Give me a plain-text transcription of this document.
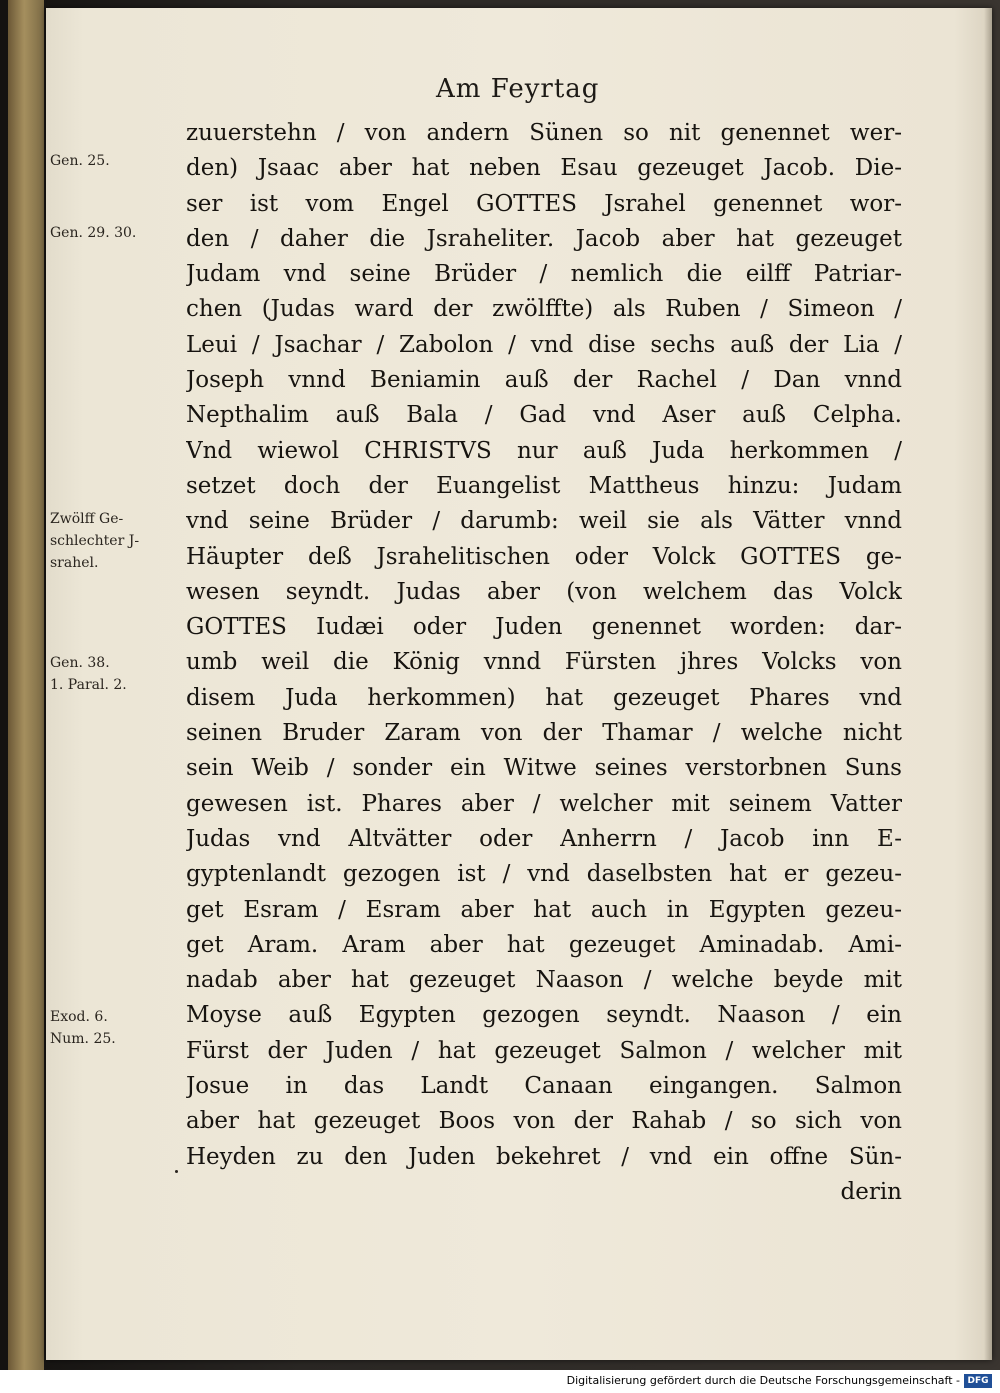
Am Feyrtag
zuuerstehn / von andern Sünen so nit genennet wer-
den) Jsaac aber hat neben Esau gezeuget Jacob. Die-
ser ist vom Engel GOTTES Jsrahel genennet wor-
den / daher die Jsraheliter. Jacob aber hat gezeuget
Judam vnd seine Brüder / nemlich die eilff Patriar-
chen (Judas ward der zwölffte) als Ruben / Simeon /
Leui / Jsachar / Zabolon / vnd dise sechs auß der Lia /
Joseph vnnd Beniamin auß der Rachel / Dan vnnd
Nepthalim auß Bala / Gad vnd Aser auß Celpha.
Vnd wiewol CHRISTVS nur auß Juda herkommen /
setzet doch der Euangelist Mattheus hinzu: Judam
vnd seine Brüder / darumb: weil sie als Vätter vnnd
Häupter deß Jsrahelitischen oder Volck GOTTES ge-
wesen seyndt. Judas aber (von welchem das Volck
GOTTES Iudæi oder Juden genennet worden: dar-
umb weil die König vnnd Fürsten jhres Volcks von
disem Juda herkommen) hat gezeuget Phares vnd
seinen Bruder Zaram von der Thamar / welche nicht
sein Weib / sonder ein Witwe seines verstorbnen Suns
gewesen ist. Phares aber / welcher mit seinem Vatter
Judas vnd Altvätter oder Anherrn / Jacob inn E-
gyptenlandt gezogen ist / vnd daselbsten hat er gezeu-
get Esram / Esram aber hat auch in Egypten gezeu-
get Aram. Aram aber hat gezeuget Aminadab. Ami-
nadab aber hat gezeuget Naason / welche beyde mit
Moyse auß Egypten gezogen seyndt. Naason / ein
Fürst der Juden / hat gezeuget Salmon / welcher mit
Josue in das Landt Canaan eingangen. Salmon
aber hat gezeuget Boos von der Rahab / so sich von
Heyden zu den Juden bekehret / vnd ein offne Sün-
derin

Gen. 25.

Gen. 29. 30.

Zwölff Ge-
schlechter J-
srahel.

Gen. 38.
1. Paral. 2.

Exod. 6.
Num. 25.

Digitalisierung gefördert durch die Deutsche Forschungsgemeinschaft - DFG
